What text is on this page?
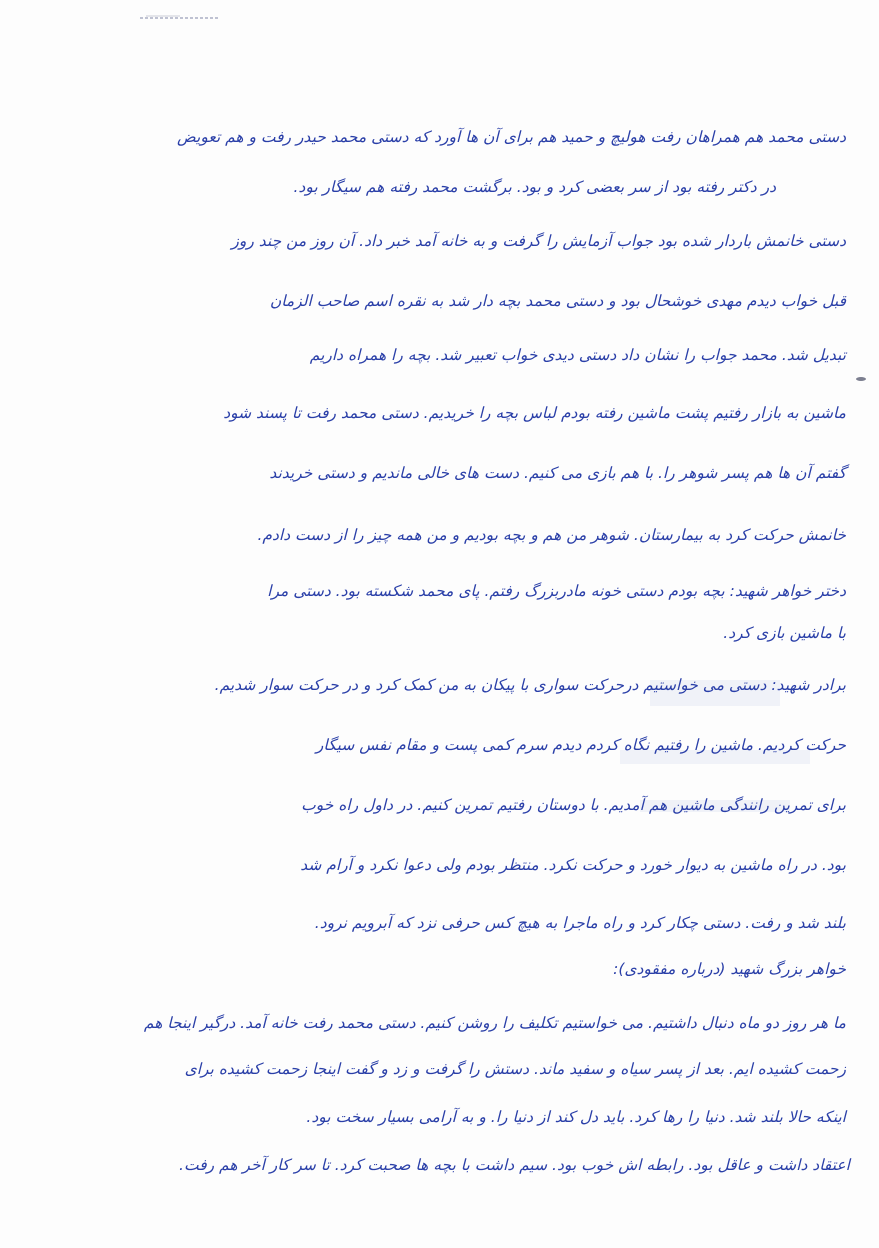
دستی محمد هم همراهان رفت هولیچ و حمید هم برای آن ها آورد که دستی محمد حیدر رفت و هم تعویض
در دکتر رفته بود از سر بعضی کرد و بود. برگشت محمد رفته هم سیگار بود.
دستی خانمش باردار شده بود جواب آزمایش را گرفت و به خانه آمد خبر داد. آن روز من چند روز
قبل خواب دیدم مهدی خوشحال بود و دستی محمد بچه دار شد به نقره اسم صاحب الزمان
تبدیل شد. محمد جواب را نشان داد دستی دیدی خواب تعبیر شد. بچه را همراه داریم
ماشین به بازار رفتیم پشت ماشین رفته بودم لباس بچه را خریدیم. دستی محمد رفت تا پسند شود
گفتم آن ها هم پسر شوهر را. با هم بازی می کنیم. دست های خالی ماندیم و دستی خریدند
خانمش حرکت کرد به بیمارستان. شوهر من هم و بچه بودیم و من همه چیز را از دست دادم.
دختر خواهر شهید: بچه بودم دستی خونه مادربزرگ رفتم. پای محمد شکسته بود. دستی مرا
با ماشین بازی کرد.
برادر شهید: دستی می خواستیم درحرکت سواری با پیکان به من کمک کرد و در حرکت سوار شدیم.
حرکت کردیم. ماشین را رفتیم نگاه کردم دیدم سرم کمی پست و مقام نفس سیگار
برای تمرین رانندگی ماشین هم آمدیم. با دوستان رفتیم تمرین کنیم. در داول راه خوب
بود. در راه ماشین به دیوار خورد و حرکت نکرد. منتظر بودم ولی دعوا نکرد و آرام شد
بلند شد و رفت. دستی چکار کرد و راه ماجرا به هیچ کس حرفی نزد که آبرویم نرود.
خواهر بزرگ شهید (درباره مفقودی):
ما هر روز دو ماه دنبال داشتیم. می خواستیم تکلیف را روشن کنیم. دستی محمد رفت خانه آمد. درگیر اینجا هم
زحمت کشیده ایم. بعد از پسر سیاه و سفید ماند. دستش را گرفت و زد و گفت اینجا زحمت کشیده برای
اینکه حالا بلند شد. دنیا را رها کرد. باید دل کند از دنیا را. و به آرامی بسیار سخت بود.
اعتقاد داشت و عاقل بود. رابطه اش خوب بود. سیم داشت با بچه ها صحبت کرد. تا سر کار آخر هم رفت.
